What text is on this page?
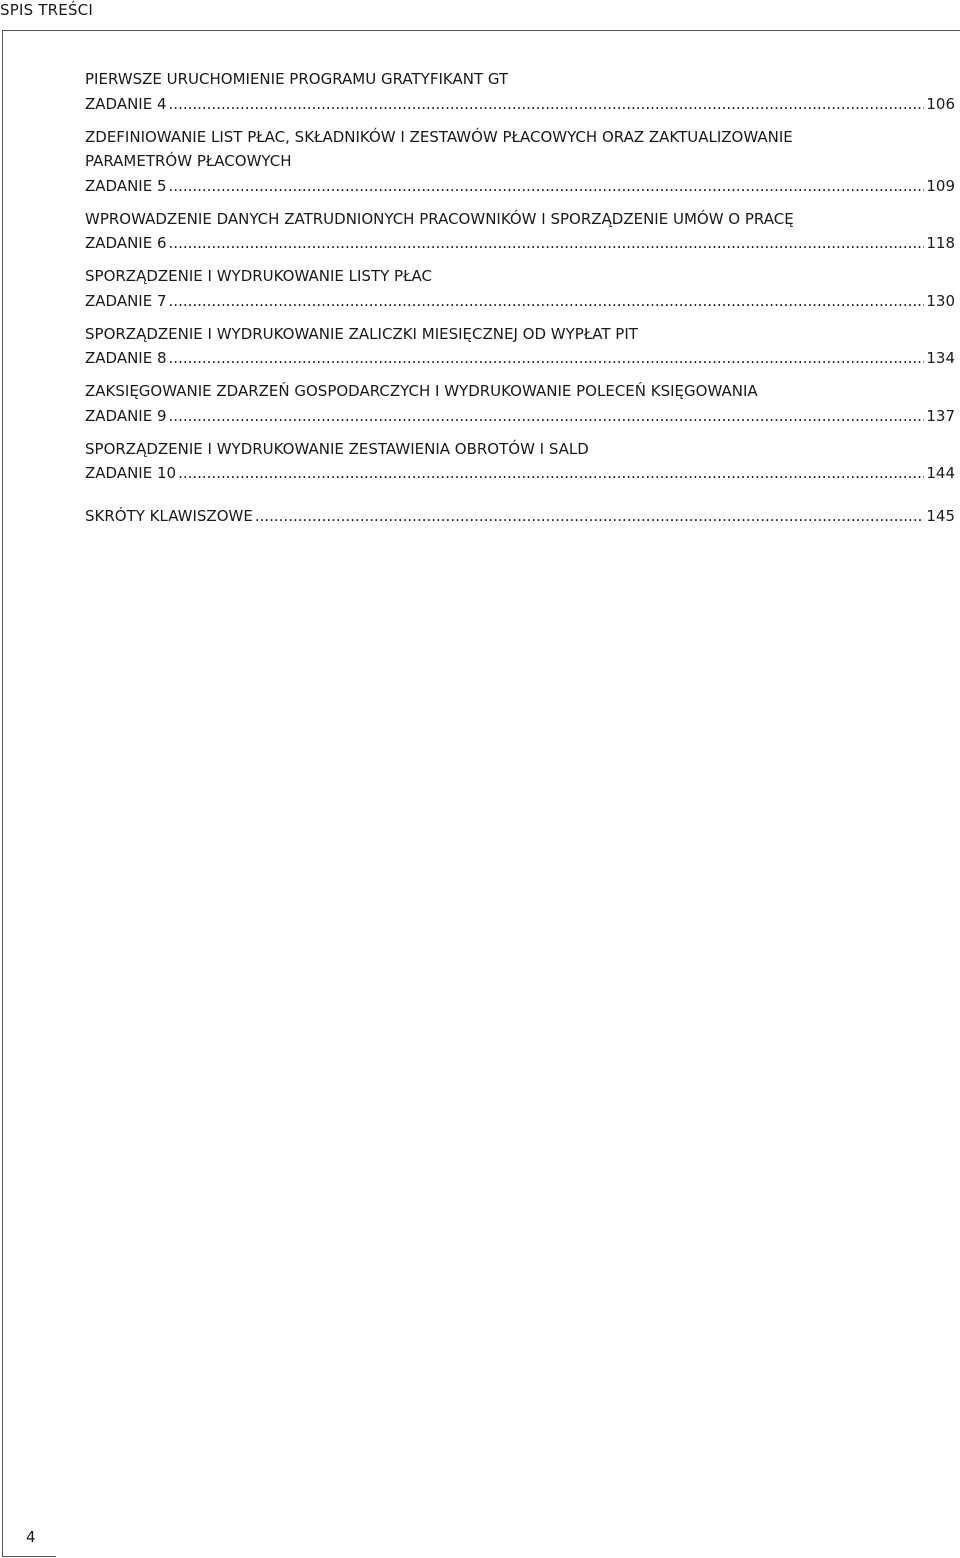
SPIS TREŚCI
PIERWSZE URUCHOMIENIE PROGRAMU GRATYFIKANT GT
ZADANIE 4 .....	106
ZDEFINIOWANIE LIST PŁAC, SKŁADNIKÓW I ZESTAWÓW PŁACOWYCH ORAZ ZAKTUALIZOWANIE
PARAMETRÓW PŁACOWYCH
ZADANIE 5 .....	109
WPROWADZENIE DANYCH ZATRUDNIONYCH PRACOWNIKÓW I SPORZĄDZENIE UMÓW O PRACĘ
ZADANIE 6 .....	118
SPORZĄDZENIE I WYDRUKOWANIE LISTY PŁAC
ZADANIE 7 .....	130
SPORZĄDZENIE I WYDRUKOWANIE ZALICZKI MIESIĘCZNEJ OD WYPŁAT PIT
ZADANIE 8 .....	134
ZAKSIĘGOWANIE ZDARZEŃ GOSPODARCZYCH I WYDRUKOWANIE POLECEŃ KSIĘGOWANIA
ZADANIE 9 .....	137
SPORZĄDZENIE I WYDRUKOWANIE ZESTAWIENIA OBROTÓW I SALD
ZADANIE 10 .....	144
SKRÓTY KLAWISZOWE .....	145
4
